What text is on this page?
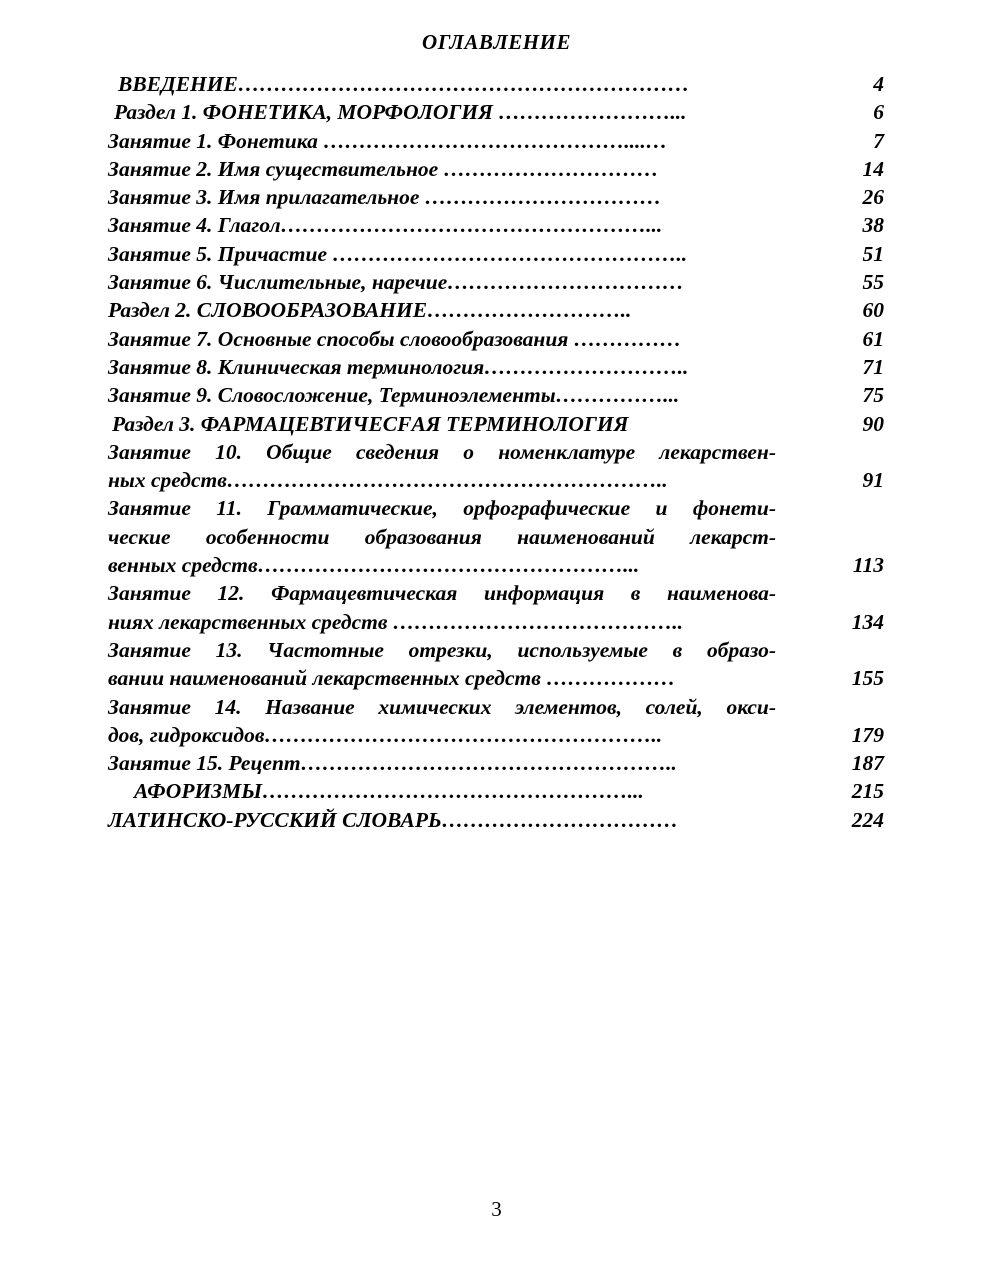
ОГЛАВЛЕНИЕ
ВВЕДЕНИЕ………………………………………………………	4
Раздел 1. ФОНЕТИКА, МОРФОЛОГИЯ ……………………...	6
Занятие 1. Фонетика ……………………………………....…	7
Занятие 2. Имя существительное …………………………	14
Занятие 3. Имя прилагательное ……………………………	26
Занятие 4. Глагол……………………………………………...	38
Занятие 5. Причастие …………………………………………..	51
Занятие 6. Числительные, наречие……………………………	55
Раздел 2. СЛОВООБРАЗОВАНИЕ………………………..	60
Занятие 7. Основные способы словообразования ……………	61
Занятие 8. Клиническая терминология………………………..	71
Занятие 9. Словосложение, Терминоэлементы……………...	75
Раздел 3. ФАРМАЦЕВТИЧЕСFАЯ ТЕРМИНОЛОГИЯ	90
Занятие 10. Общие сведения о номенклатуре лекарствен-
ных средств……………………………………………………..	91
Занятие 11. Грамматические, орфографические и фонети-
ческие особенности образования наименований лекарст-
венных средств……………………………………………...	113
Занятие 12. Фармацевтическая информация в наименова-
ниях лекарственных средств …………………………………..	134
Занятие 13. Частотные отрезки, используемые в образо-
вании наименований лекарственных средств ………………	155
Занятие 14. Название химических элементов, солей, окси-
дов, гидроксидов………………………………………………..	179
Занятие 15. Рецепт……………………………………………..	187
АФОРИЗМЫ……………………………………………...	215
ЛАТИНСКО-РУССКИЙ СЛОВАРЬ……………………………	224
3
